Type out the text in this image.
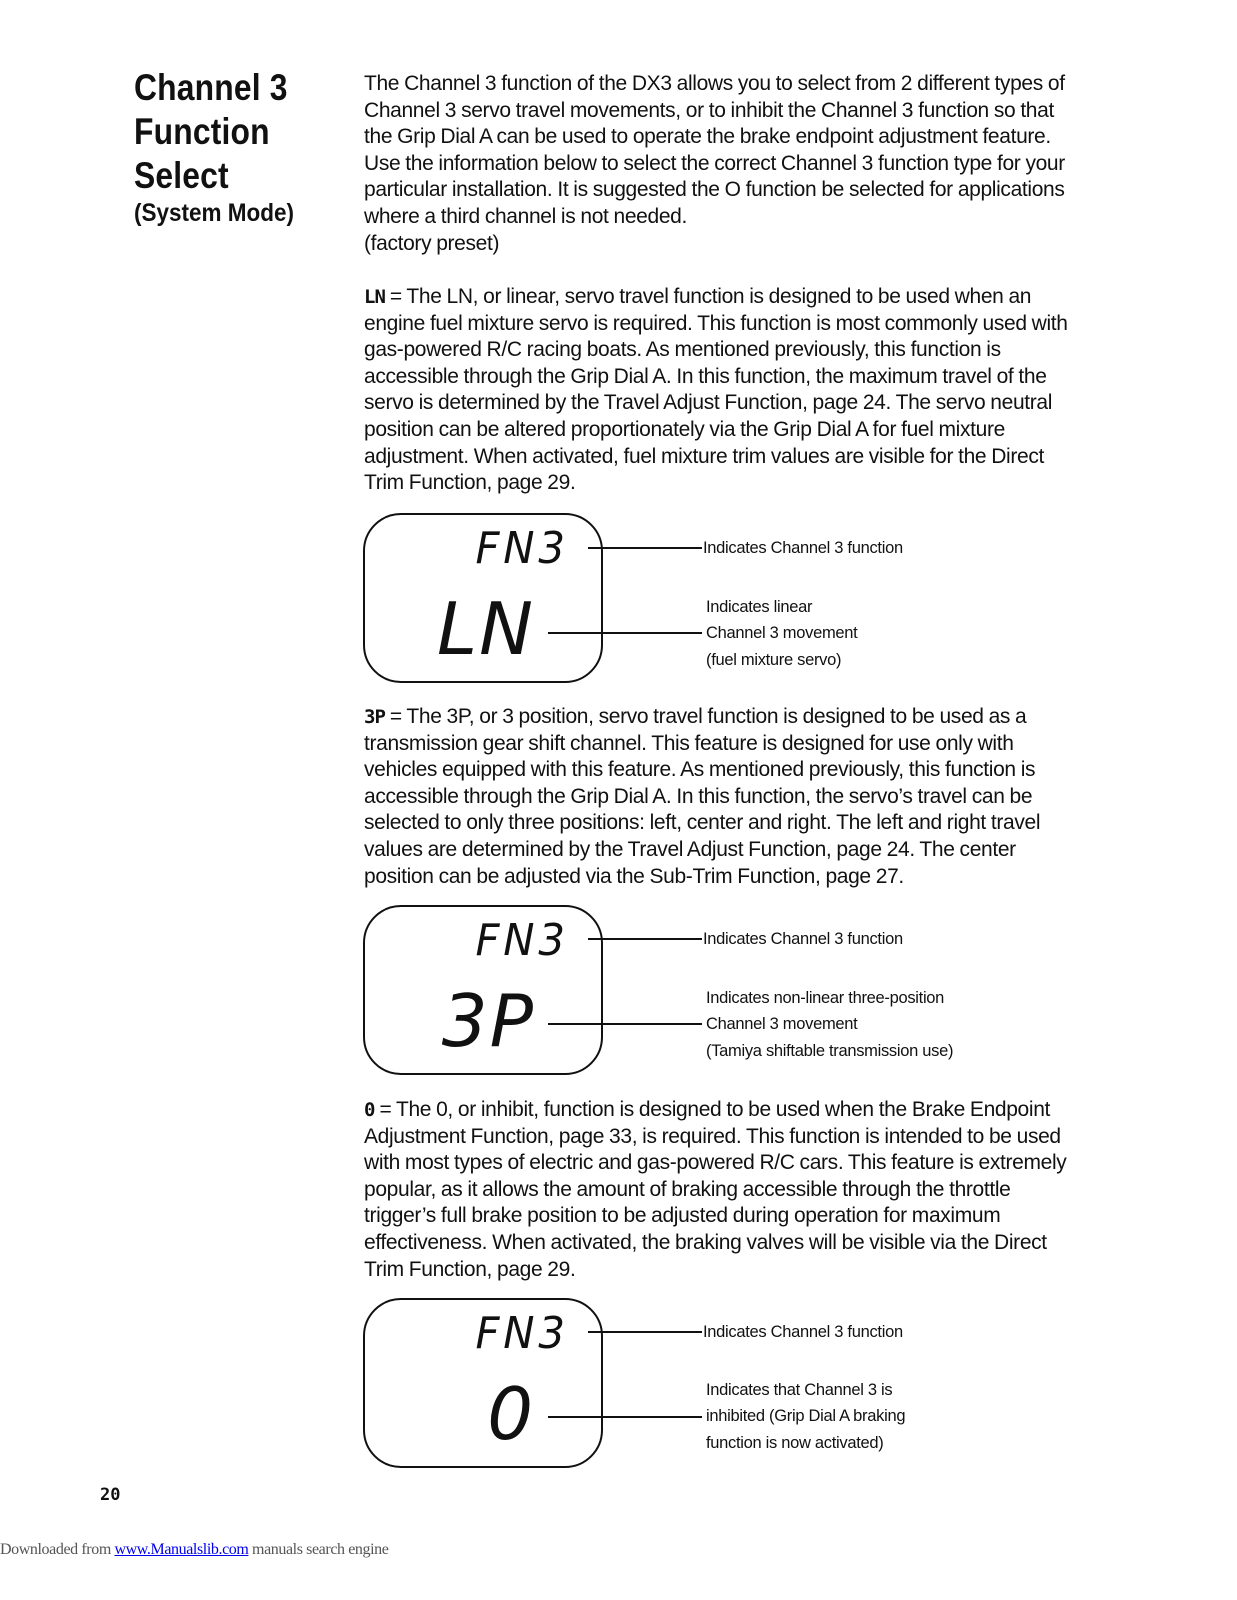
Channel 3
Function
Select
(System Mode)
The Channel 3 function of the DX3 allows you to select from 2 different types of Channel 3 servo travel movements, or to inhibit the Channel 3 function so that the Grip Dial A can be used to operate the brake endpoint adjustment feature. Use the information below to select the correct Channel 3 function type for your particular installation. It is suggested the O function be selected for applications where a third channel is not needed.
(factory preset)
LN = The LN, or linear, servo travel function is designed to be used when an engine fuel mixture servo is required. This function is most commonly used with gas-powered R/C racing boats. As mentioned previously, this function is accessible through the Grip Dial A. In this function, the maximum travel of the servo is determined by the Travel Adjust Function, page 24. The servo neutral position can be altered proportionately via the Grip Dial A for fuel mixture adjustment. When activated, fuel mixture trim values are visible for the Direct Trim Function, page 29.
FN3
LN
Indicates Channel 3 function
Indicates linear
Channel 3 movement
(fuel mixture servo)
3P = The 3P, or 3 position, servo travel function is designed to be used as a transmission gear shift channel. This feature is designed for use only with vehicles equipped with this feature. As mentioned previously, this function is accessible through the Grip Dial A. In this function, the servo’s travel can be selected to only three positions: left, center and right. The left and right travel values are determined by the Travel Adjust Function, page 24. The center position can be adjusted via the Sub-Trim Function, page 27.
FN3
3P
Indicates Channel 3 function
Indicates non-linear three-position
Channel 3 movement
(Tamiya shiftable transmission use)
0 = The 0, or inhibit, function is designed to be used when the Brake Endpoint Adjustment Function, page 33, is required. This function is intended to be used with most types of electric and gas-powered R/C cars. This feature is extremely popular, as it allows the amount of braking accessible through the throttle trigger’s full brake position to be adjusted during operation for maximum effectiveness. When activated, the braking valves will be visible via the Direct Trim Function, page 29.
FN3
0
Indicates Channel 3 function
Indicates that Channel 3 is
inhibited (Grip Dial A braking
function is now activated)
20
Downloaded from www.Manualslib.com manuals search engine
